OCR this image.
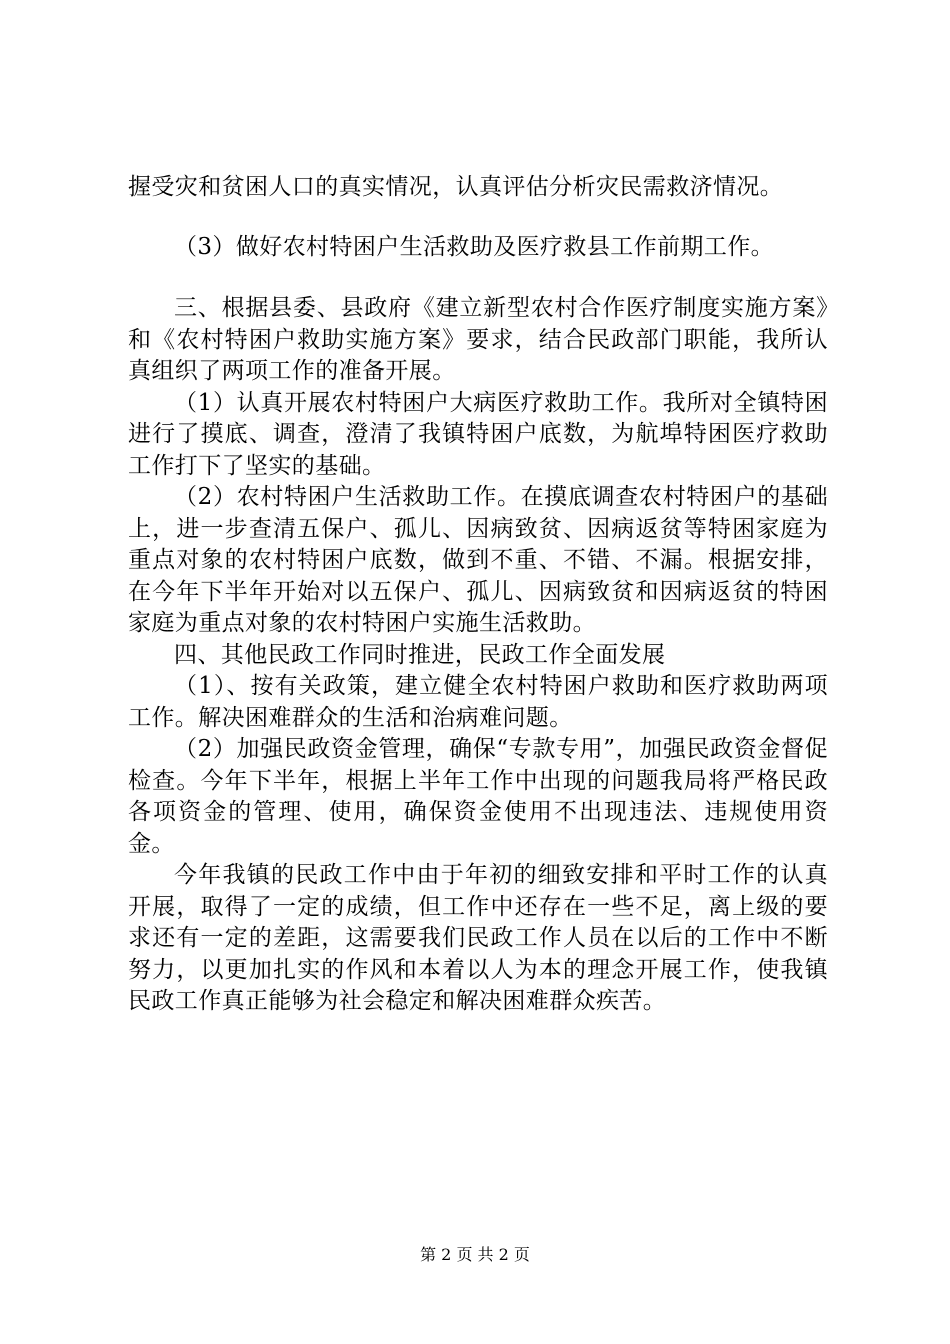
握受灾和贫困人口的真实情况，认真评估分析灾民需救济情况。

（3）做好农村特困户生活救助及医疗救县工作前期工作。

三、根据县委、县政府《建立新型农村合作医疗制度实施方案》和《农村特困户救助实施方案》要求，结合民政部门职能，我所认真组织了两项工作的准备开展。

（1）认真开展农村特困户大病医疗救助工作。我所对全镇特困进行了摸底、调查，澄清了我镇特困户底数，为航埠特困医疗救助工作打下了坚实的基础。

（2）农村特困户生活救助工作。在摸底调查农村特困户的基础上，进一步查清五保户、孤儿、因病致贫、因病返贫等特困家庭为重点对象的农村特困户底数，做到不重、不错、不漏。根据安排，在今年下半年开始对以五保户、孤儿、因病致贫和因病返贫的特困家庭为重点对象的农村特困户实施生活救助。

四、其他民政工作同时推进，民政工作全面发展

（1）、按有关政策，建立健全农村特困户救助和医疗救助两项工作。解决困难群众的生活和治病难问题。

（2）加强民政资金管理，确保“专款专用”，加强民政资金督促检查。今年下半年，根据上半年工作中出现的问题我局将严格民政各项资金的管理、使用，确保资金使用不出现违法、违规使用资金。

今年我镇的民政工作中由于年初的细致安排和平时工作的认真开展，取得了一定的成绩，但工作中还存在一些不足，离上级的要求还有一定的差距，这需要我们民政工作人员在以后的工作中不断努力，以更加扎实的作风和本着以人为本的理念开展工作，使我镇民政工作真正能够为社会稳定和解决困难群众疾苦。

第 2 页 共 2 页
